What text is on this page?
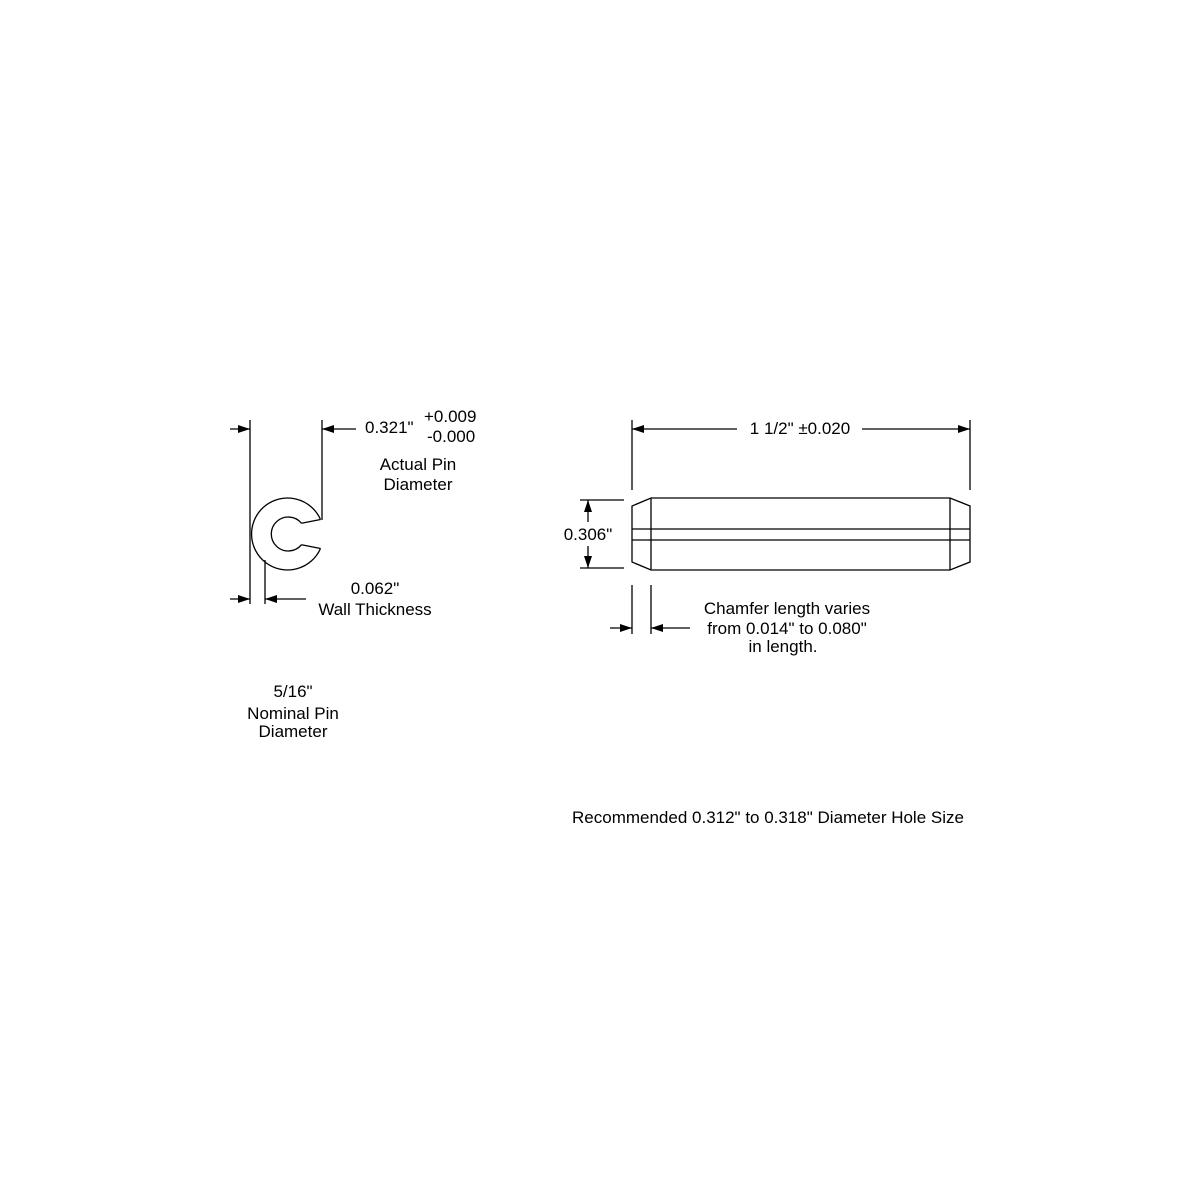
0.321"
+0.009
-0.000
Actual Pin
Diameter
0.062"
Wall Thickness
5/16"
Nominal Pin
Diameter
1 1/2" ±0.020
0.306"
Chamfer length varies
from 0.014" to 0.080"
in length.
Recommended 0.312" to 0.318" Diameter Hole Size
